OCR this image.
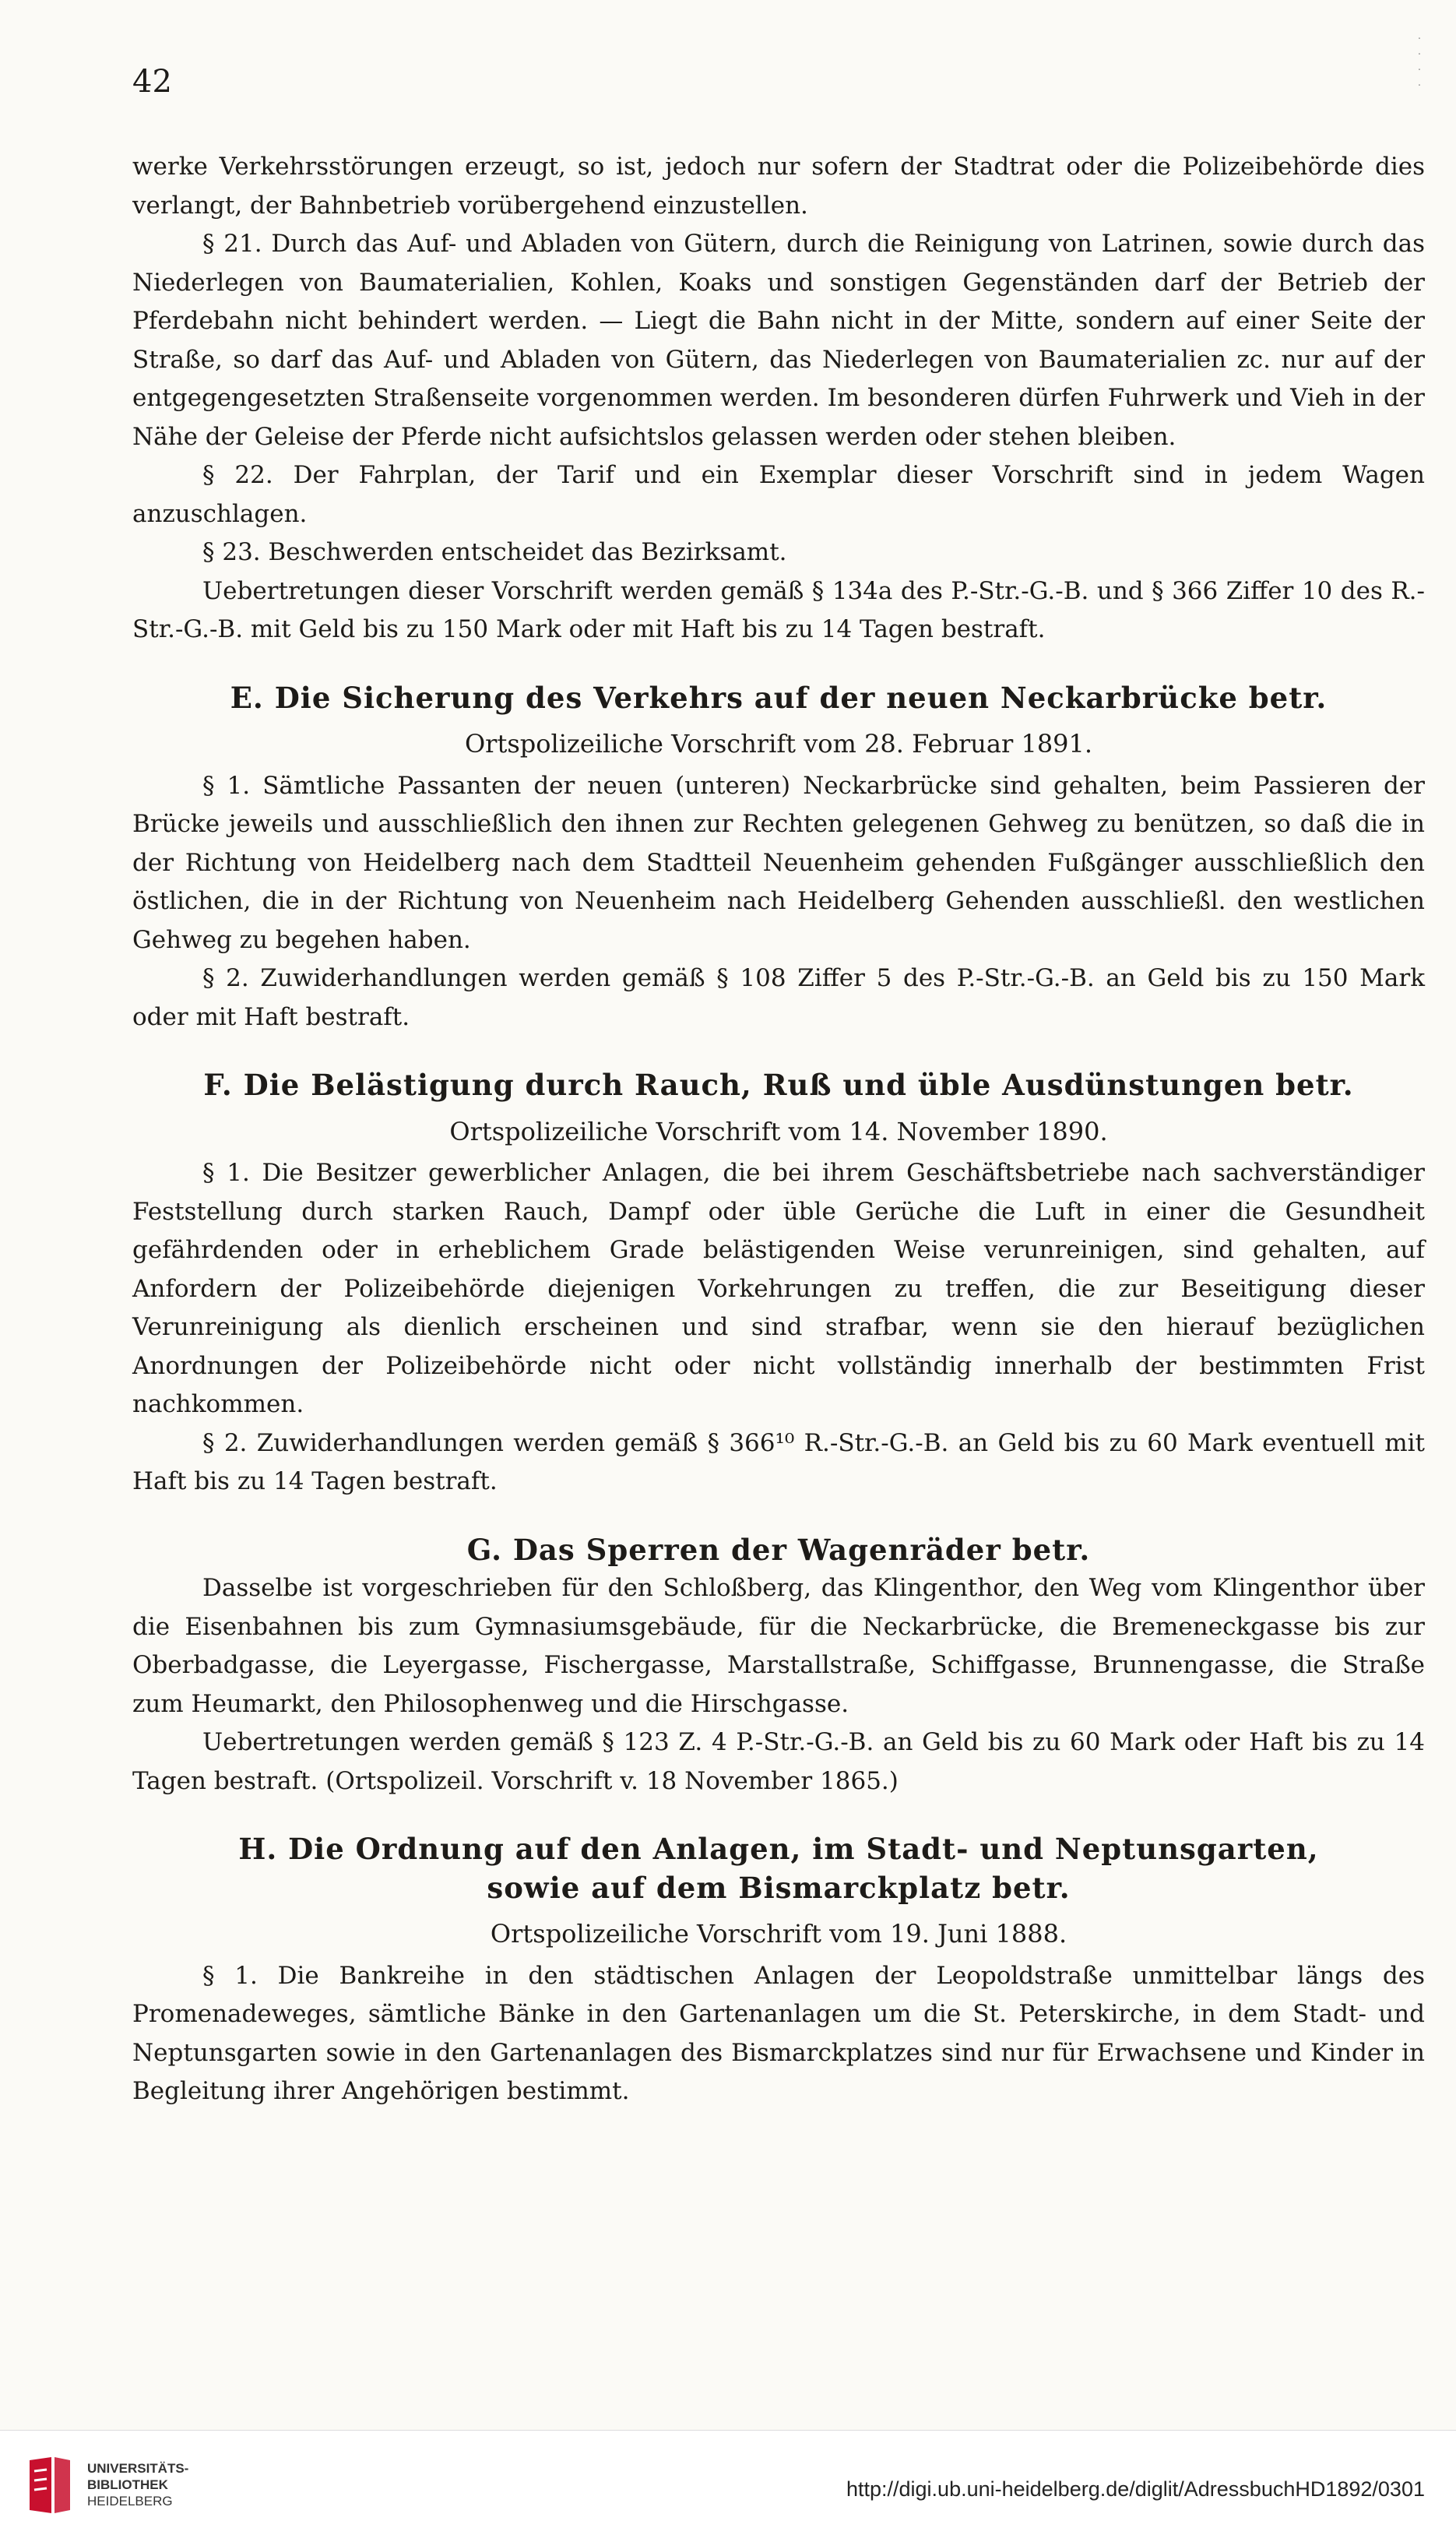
42
·
·
·
·

werke Verkehrsstörungen erzeugt, so ist, jedoch nur sofern der Stadtrat oder die Polizeibehörde dies verlangt, der Bahnbetrieb vorübergehend einzustellen.

§ 21. Durch das Auf- und Abladen von Gütern, durch die Reinigung von Latrinen, sowie durch das Niederlegen von Baumaterialien, Kohlen, Koaks und sonstigen Gegenständen darf der Betrieb der Pferdebahn nicht behindert werden. — Liegt die Bahn nicht in der Mitte, sondern auf einer Seite der Straße, so darf das Auf- und Abladen von Gütern, das Niederlegen von Baumaterialien zc. nur auf der entgegengesetzten Straßenseite vorgenommen werden. Im besonderen dürfen Fuhrwerk und Vieh in der Nähe der Geleise der Pferde nicht aufsichtslos gelassen werden oder stehen bleiben.

§ 22. Der Fahrplan, der Tarif und ein Exemplar dieser Vorschrift sind in jedem Wagen anzuschlagen.

§ 23. Beschwerden entscheidet das Bezirksamt.

Uebertretungen dieser Vorschrift werden gemäß § 134a des P.-Str.-G.-B. und § 366 Ziffer 10 des R.-Str.-G.-B. mit Geld bis zu 150 Mark oder mit Haft bis zu 14 Tagen bestraft.

E. Die Sicherung des Verkehrs auf der neuen Neckarbrücke betr.
Ortspolizeiliche Vorschrift vom 28. Februar 1891.

§ 1. Sämtliche Passanten der neuen (unteren) Neckarbrücke sind gehalten, beim Passieren der Brücke jeweils und ausschließlich den ihnen zur Rechten gelegenen Gehweg zu benützen, so daß die in der Richtung von Heidelberg nach dem Stadtteil Neuenheim gehenden Fußgänger ausschließlich den östlichen, die in der Richtung von Neuenheim nach Heidelberg Gehenden ausschließl. den westlichen Gehweg zu begehen haben.

§ 2. Zuwiderhandlungen werden gemäß § 108 Ziffer 5 des P.-Str.-G.-B. an Geld bis zu 150 Mark oder mit Haft bestraft.

F. Die Belästigung durch Rauch, Ruß und üble Ausdünstungen betr.
Ortspolizeiliche Vorschrift vom 14. November 1890.

§ 1. Die Besitzer gewerblicher Anlagen, die bei ihrem Geschäftsbetriebe nach sachverständiger Feststellung durch starken Rauch, Dampf oder üble Gerüche die Luft in einer die Gesundheit gefährdenden oder in erheblichem Grade belästigenden Weise verunreinigen, sind gehalten, auf Anfordern der Polizeibehörde diejenigen Vorkehrungen zu treffen, die zur Beseitigung dieser Verunreinigung als dienlich erscheinen und sind strafbar, wenn sie den hierauf bezüglichen Anordnungen der Polizeibehörde nicht oder nicht vollständig innerhalb der bestimmten Frist nachkommen.

§ 2. Zuwiderhandlungen werden gemäß § 366¹⁰ R.-Str.-G.-B. an Geld bis zu 60 Mark eventuell mit Haft bis zu 14 Tagen bestraft.

G. Das Sperren der Wagenräder betr.

Dasselbe ist vorgeschrieben für den Schloßberg, das Klingenthor, den Weg vom Klingenthor über die Eisenbahnen bis zum Gymnasiumsgebäude, für die Neckarbrücke, die Bremeneckgasse bis zur Oberbadgasse, die Leyergasse, Fischergasse, Marstallstraße, Schiffgasse, Brunnengasse, die Straße zum Heumarkt, den Philosophenweg und die Hirschgasse.

Uebertretungen werden gemäß § 123 Z. 4 P.-Str.-G.-B. an Geld bis zu 60 Mark oder Haft bis zu 14 Tagen bestraft. (Ortspolizeil. Vorschrift v. 18 November 1865.)

H. Die Ordnung auf den Anlagen, im Stadt- und Neptunsgarten,
sowie auf dem Bismarckplatz betr.
Ortspolizeiliche Vorschrift vom 19. Juni 1888.

§ 1. Die Bankreihe in den städtischen Anlagen der Leopoldstraße unmittelbar längs des Promenadeweges, sämtliche Bänke in den Gartenanlagen um die St. Peterskirche, in dem Stadt- und Neptunsgarten sowie in den Gartenanlagen des Bismarckplatzes sind nur für Erwachsene und Kinder in Begleitung ihrer Angehörigen bestimmt.

UNIVERSITÄTS-
BIBLIOTHEK
HEIDELBERG
http://digi.ub.uni-heidelberg.de/diglit/AdressbuchHD1892/0301
